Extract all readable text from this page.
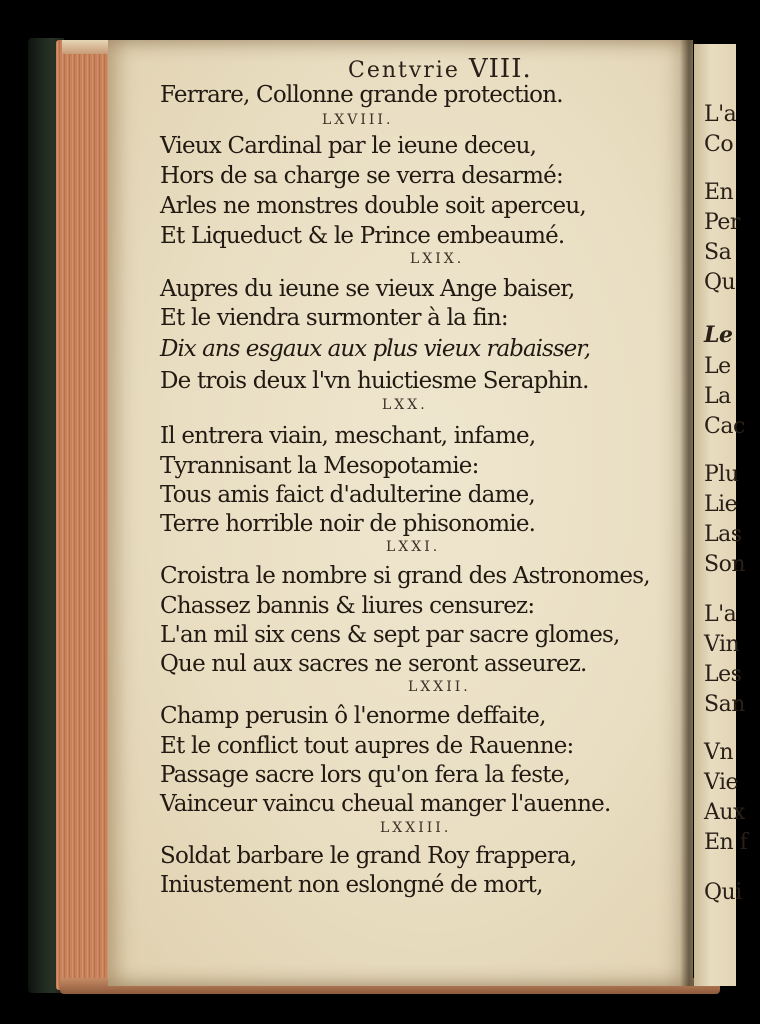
L'a
Co
En
Per
Sa
Qu
Le
Le
La
Cac
Plu
Lie
Las
Son
L'a
Vin
Les
San
Vn
Vie
Aux
En f
Qui
Centvrie VIII.
Ferrare, Collonne grande protection.
LXVIII.
Vieux Cardinal par le ieune deceu,
Hors de sa charge se verra desarmé:
Arles ne monstres double soit aperceu,
Et Liqueduct & le Prince embeaumé.
LXIX.
Aupres du ieune se vieux Ange baiser,
Et le viendra surmonter à la fin:
Dix ans esgaux aux plus vieux rabaisser,
De trois deux l'vn huictiesme Seraphin.
LXX.
Il entrera viain, meschant, infame,
Tyrannisant la Mesopotamie:
Tous amis faict d'adulterine dame,
Terre horrible noir de phisonomie.
LXXI.
Croistra le nombre si grand des Astronomes,
Chassez bannis & liures censurez:
L'an mil six cens & sept par sacre glomes,
Que nul aux sacres ne seront asseurez.
LXXII.
Champ perusin ô l'enorme deffaite,
Et le conflict tout aupres de Rauenne:
Passage sacre lors qu'on fera la feste,
Vainceur vaincu cheual manger l'auenne.
LXXIII.
Soldat barbare le grand Roy frappera,
Iniustement non eslongné de mort,
